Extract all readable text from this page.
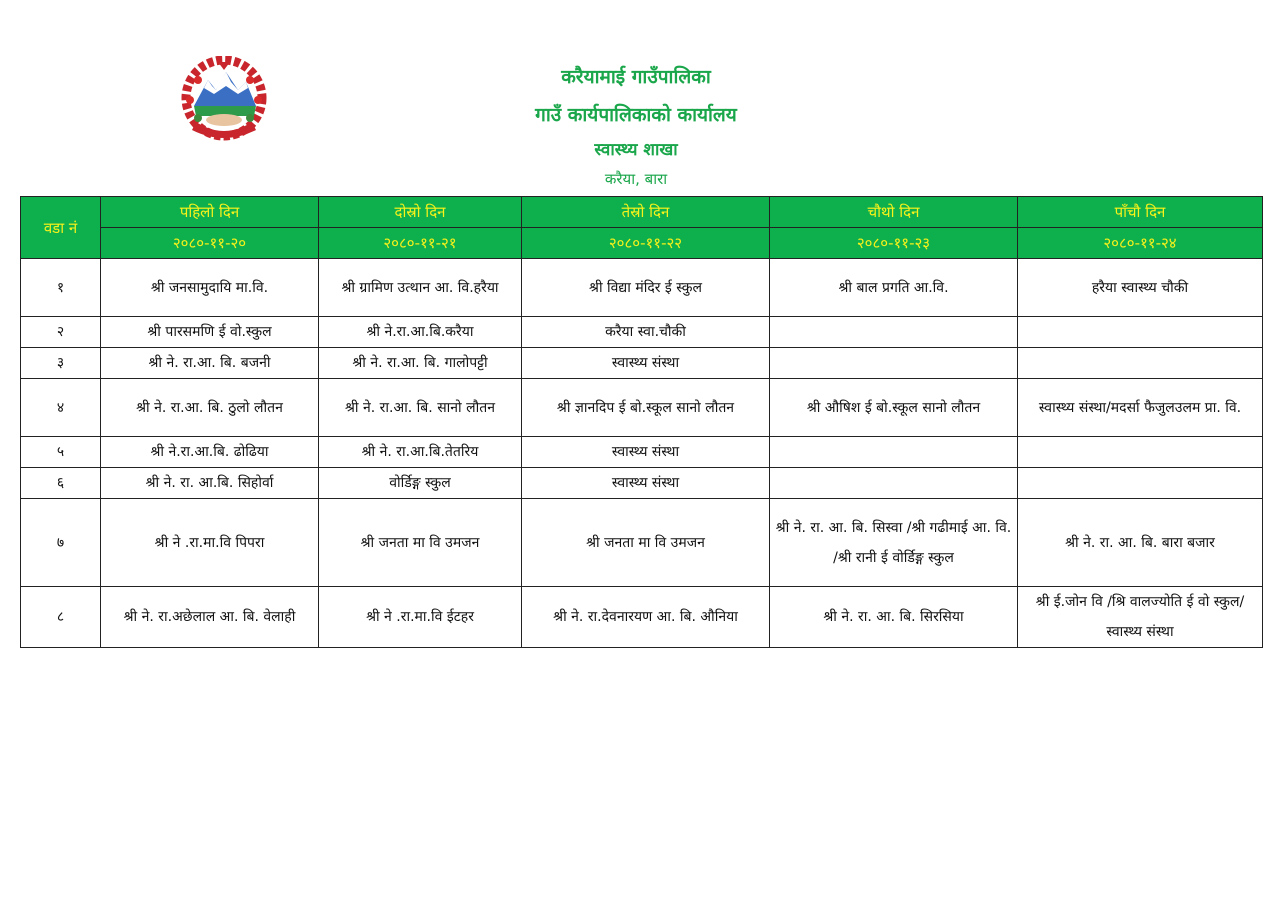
करैयामाई गाउँपालिका
गाउँ कार्यपालिकाको कार्यालय
स्वास्थ्य शाखा
करैया, बारा
वडा नं	पहिलो दिन	दोस्रो दिन	तेस्रो दिन	चौथो दिन	पाँचौ दिन
	२०८०-११-२०	२०८०-११-२१	२०८०-११-२२	२०८०-११-२३	२०८०-११-२४
१	श्री जनसामुदायि मा.वि.	श्री ग्रामिण उत्थान आ. वि.हरैया	श्री विद्या मंदिर ई स्कुल	श्री बाल प्रगति आ.वि.	हरैया स्वास्थ्य चौकी
२	श्री पारसमणि ई वो.स्कुल	श्री ने.रा.आ.बि.करैया	करैया स्वा.चौकी		
३	श्री ने. रा.आ. बि. बजनी	श्री ने. रा.आ. बि. गालोपट्टी	स्वास्थ्य संस्था		
४	श्री ने. रा.आ. बि. ठुलो लौतन	श्री ने. रा.आ. बि. सानो लौतन	श्री ज्ञानदिप ई बो.स्कूल सानो लौतन	श्री औषिश ई बो.स्कूल सानो लौतन	स्वास्थ्य संस्था/मदर्सा फैजुलउलम प्रा. वि.
५	श्री ने.रा.आ.बि. ढोढिया	श्री ने. रा.आ.बि.तेतरिय	स्वास्थ्य संस्था		
६	श्री ने. रा. आ.बि. सिहोर्वा	वोर्डिङ्ग स्कुल	स्वास्थ्य संस्था		
७	श्री ने .रा.मा.वि पिपरा	श्री जनता मा वि उमजन	श्री जनता मा वि उमजन	श्री ने. रा. आ. बि. सिस्वा /श्री गढीमाई आ. वि. /श्री रानी ई वोर्डिङ्ग स्कुल	श्री ने. रा. आ. बि. बारा बजार
८	श्री ने. रा.अछेलाल आ. बि. वेलाही	श्री ने .रा.मा.वि ईटहर	श्री ने. रा.देवनारयण आ. बि. औनिया	श्री ने. रा. आ. बि. सिरसिया	श्री ई.जोन वि /श्रि वालज्योति ई वो स्कुल/स्वास्थ्य संस्था
